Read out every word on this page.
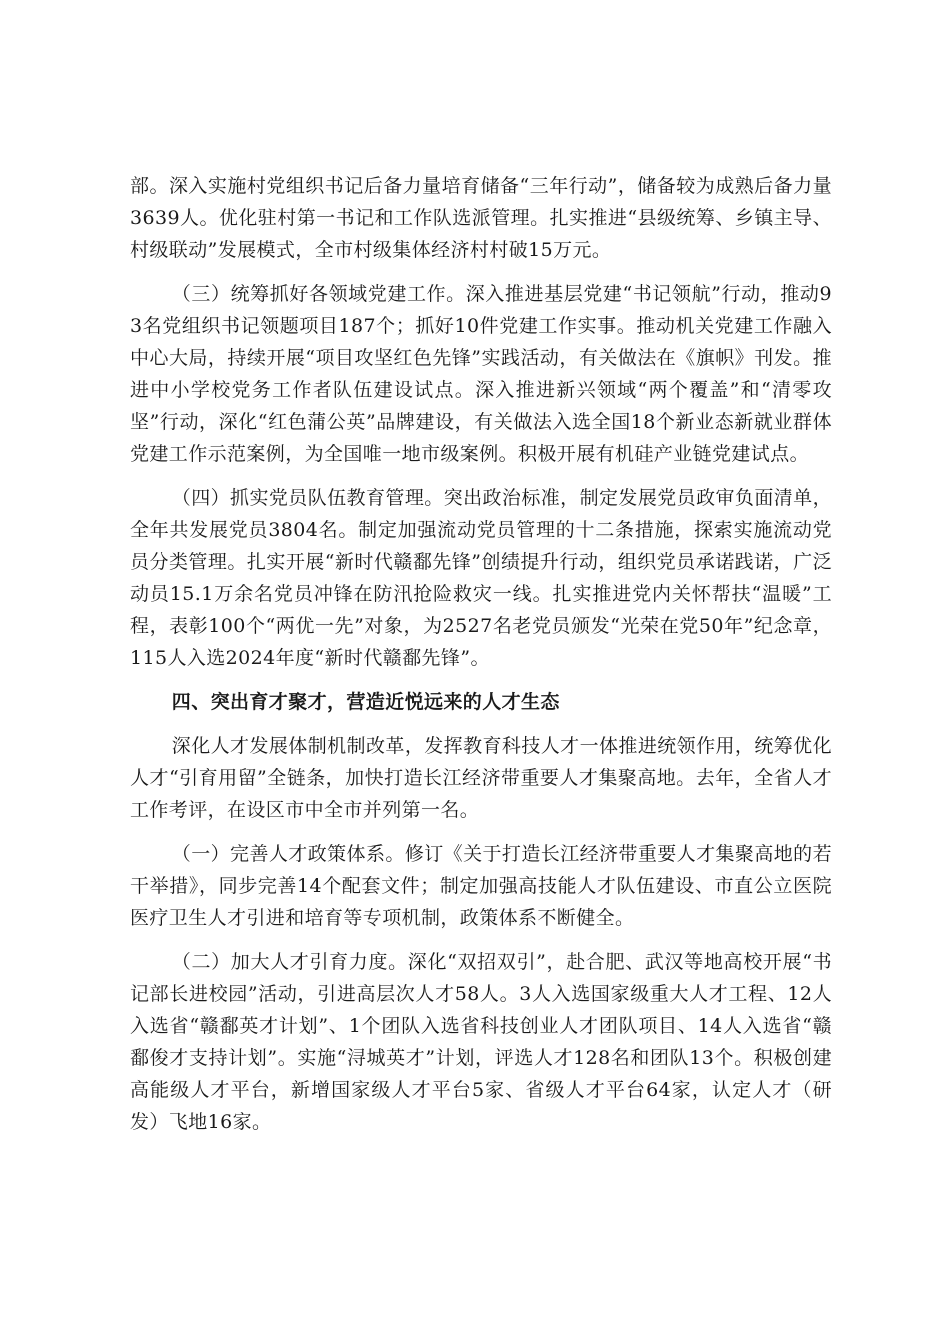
部。深入实施村党组织书记后备力量培育储备“三年行动”，储备较为成熟后备力量3639人。优化驻村第一书记和工作队选派管理。扎实推进“县级统筹、乡镇主导、村级联动”发展模式，全市村级集体经济村村破15万元。

（三）统筹抓好各领域党建工作。深入推进基层党建“书记领航”行动，推动93名党组织书记领题项目187个；抓好10件党建工作实事。推动机关党建工作融入中心大局，持续开展“项目攻坚红色先锋”实践活动，有关做法在《旗帜》刊发。推进中小学校党务工作者队伍建设试点。深入推进新兴领域“两个覆盖”和“清零攻坚”行动，深化“红色蒲公英”品牌建设，有关做法入选全国18个新业态新就业群体党建工作示范案例，为全国唯一地市级案例。积极开展有机硅产业链党建试点。

（四）抓实党员队伍教育管理。突出政治标准，制定发展党员政审负面清单，全年共发展党员3804名。制定加强流动党员管理的十二条措施，探索实施流动党员分类管理。扎实开展“新时代赣鄱先锋”创绩提升行动，组织党员承诺践诺，广泛动员15.1万余名党员冲锋在防汛抢险救灾一线。扎实推进党内关怀帮扶“温暖”工程，表彰100个“两优一先”对象，为2527名老党员颁发“光荣在党50年”纪念章，115人入选2024年度“新时代赣鄱先锋”。

四、突出育才聚才，营造近悦远来的人才生态

深化人才发展体制机制改革，发挥教育科技人才一体推进统领作用，统筹优化人才“引育用留”全链条，加快打造长江经济带重要人才集聚高地。去年，全省人才工作考评，在设区市中全市并列第一名。

（一）完善人才政策体系。修订《关于打造长江经济带重要人才集聚高地的若干举措》，同步完善14个配套文件；制定加强高技能人才队伍建设、市直公立医院医疗卫生人才引进和培育等专项机制，政策体系不断健全。

（二）加大人才引育力度。深化“双招双引”，赴合肥、武汉等地高校开展“书记部长进校园”活动，引进高层次人才58人。3人入选国家级重大人才工程、12人入选省“赣鄱英才计划”、1个团队入选省科技创业人才团队项目、14人入选省“赣鄱俊才支持计划”。实施“浔城英才”计划，评选人才128名和团队13个。积极创建高能级人才平台，新增国家级人才平台5家、省级人才平台64家，认定人才（研发）飞地16家。
